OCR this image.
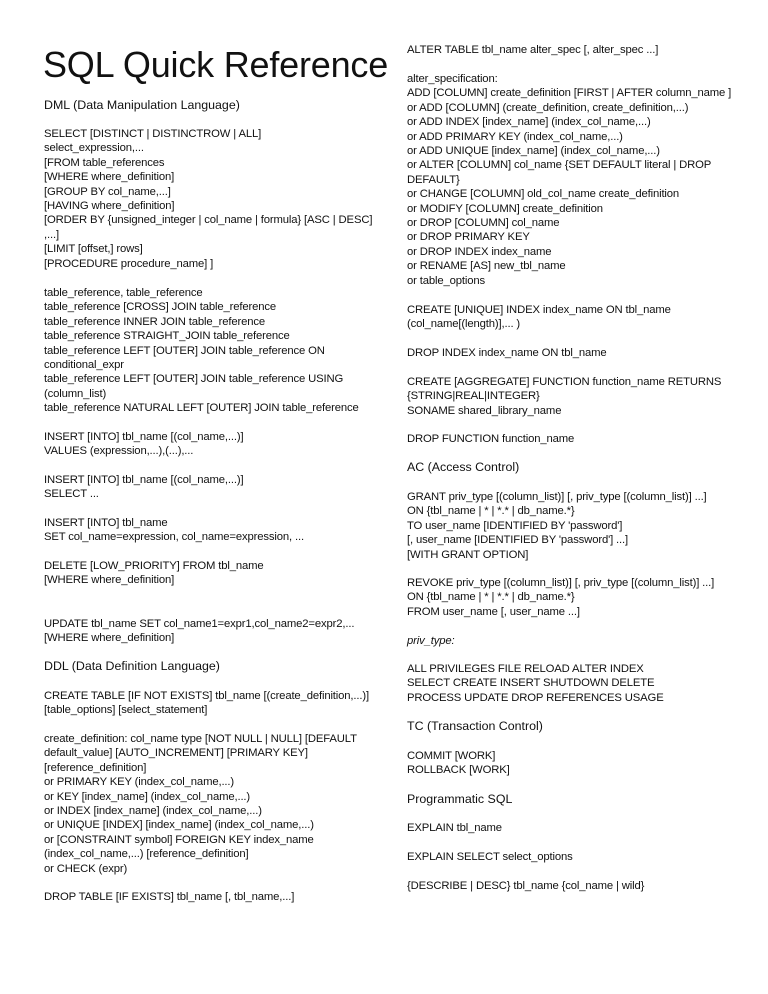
SQL Quick Reference

DML (Data Manipulation Language)

SELECT [DISTINCT | DISTINCTROW | ALL]
select_expression,...
[FROM table_references
[WHERE where_definition]
[GROUP BY col_name,...]
[HAVING where_definition]
[ORDER BY {unsigned_integer | col_name | formula} [ASC | DESC]
,...]
[LIMIT [offset,] rows]
[PROCEDURE procedure_name] ]
table_reference, table_reference
table_reference [CROSS] JOIN table_reference
table_reference INNER JOIN table_reference
table_reference STRAIGHT_JOIN table_reference
table_reference LEFT [OUTER] JOIN table_reference ON
conditional_expr
table_reference LEFT [OUTER] JOIN table_reference USING
(column_list)
table_reference NATURAL LEFT [OUTER] JOIN table_reference
INSERT [INTO] tbl_name [(col_name,...)]
VALUES (expression,...),(...),...
INSERT [INTO] tbl_name [(col_name,...)]
SELECT ...
INSERT [INTO] tbl_name
SET col_name=expression, col_name=expression, ...
DELETE [LOW_PRIORITY] FROM tbl_name
[WHERE where_definition]
UPDATE tbl_name SET col_name1=expr1,col_name2=expr2,...
[WHERE where_definition]

DDL (Data Definition Language)

CREATE TABLE [IF NOT EXISTS] tbl_name [(create_definition,...)]
[table_options] [select_statement]
create_definition: col_name type [NOT NULL | NULL] [DEFAULT
default_value] [AUTO_INCREMENT] [PRIMARY KEY]
[reference_definition]
or PRIMARY KEY (index_col_name,...)
or KEY [index_name] (index_col_name,...)
or INDEX [index_name] (index_col_name,...)
or UNIQUE [INDEX] [index_name] (index_col_name,...)
or [CONSTRAINT symbol] FOREIGN KEY index_name
(index_col_name,...) [reference_definition]
or CHECK (expr)
DROP TABLE [IF EXISTS] tbl_name [, tbl_name,...]
ALTER TABLE tbl_name alter_spec [, alter_spec ...]
alter_specification:
ADD [COLUMN] create_definition [FIRST | AFTER column_name ]
or ADD [COLUMN] (create_definition, create_definition,...)
or ADD INDEX [index_name] (index_col_name,...)
or ADD PRIMARY KEY (index_col_name,...)
or ADD UNIQUE [index_name] (index_col_name,...)
or ALTER [COLUMN] col_name {SET DEFAULT literal | DROP
DEFAULT}
or CHANGE [COLUMN] old_col_name create_definition
or MODIFY [COLUMN] create_definition
or DROP [COLUMN] col_name
or DROP PRIMARY KEY
or DROP INDEX index_name
or RENAME [AS] new_tbl_name
or table_options
CREATE [UNIQUE] INDEX index_name ON tbl_name
(col_name[(length)],... )
DROP INDEX index_name ON tbl_name
CREATE [AGGREGATE] FUNCTION function_name RETURNS
{STRING|REAL|INTEGER}
SONAME shared_library_name
DROP FUNCTION function_name

AC (Access Control)

GRANT priv_type [(column_list)] [, priv_type [(column_list)] ...]
ON {tbl_name | * | *.* | db_name.*}
TO user_name [IDENTIFIED BY 'password']
[, user_name [IDENTIFIED BY 'password'] ...]
[WITH GRANT OPTION]
REVOKE priv_type [(column_list)] [, priv_type [(column_list)] ...]
ON {tbl_name | * | *.* | db_name.*}
FROM user_name [, user_name ...]

priv_type:

ALL PRIVILEGES FILE RELOAD ALTER INDEX
SELECT CREATE INSERT SHUTDOWN DELETE
PROCESS UPDATE DROP REFERENCES USAGE

TC (Transaction Control)

COMMIT [WORK]
ROLLBACK [WORK]

Programmatic SQL

EXPLAIN tbl_name
EXPLAIN SELECT select_options
{DESCRIBE | DESC} tbl_name {col_name | wild}
